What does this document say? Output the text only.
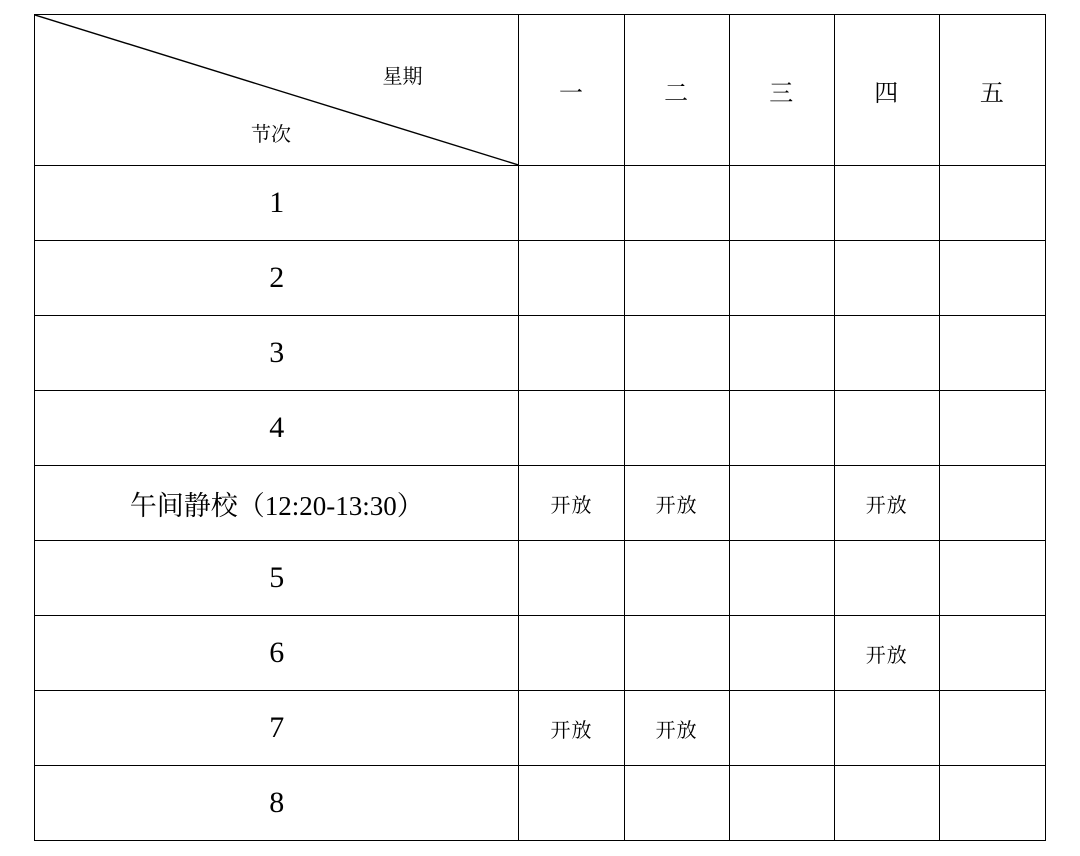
星期
节次	一	二	三	四	五
1					
2					
3					
4					
午间静校（12:20-13:30）	开放	开放		开放	
5					
6				开放	
7	开放	开放			
8					
